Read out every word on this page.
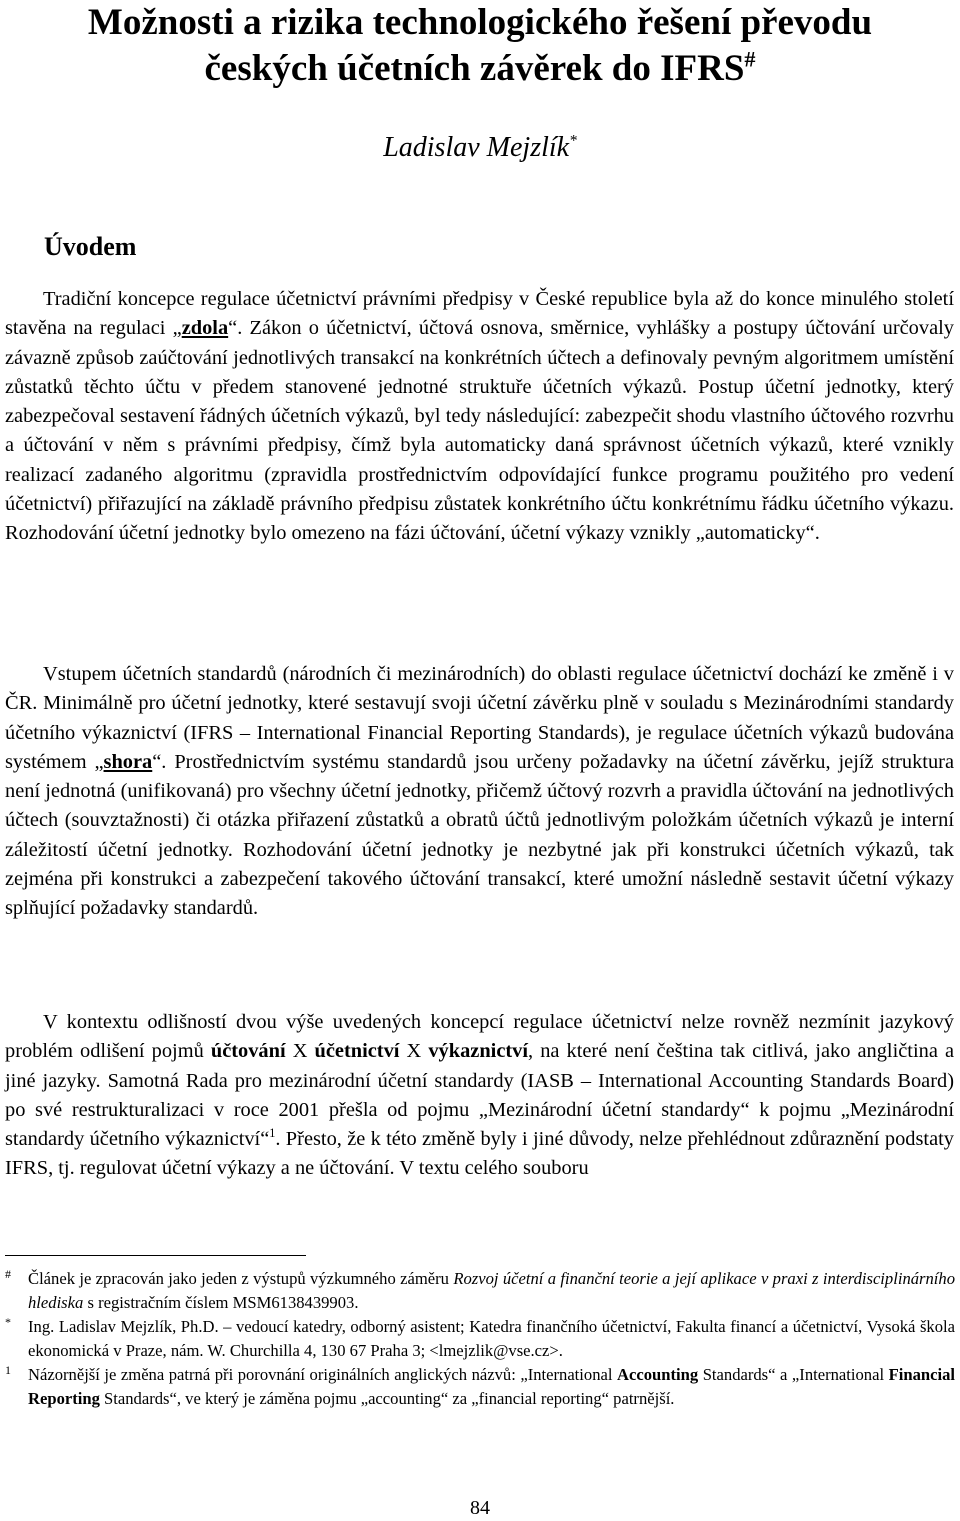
Možnosti a rizika technologického řešení převodu
českých účetních závěrek do IFRS#
Ladislav Mejzlík*
Úvodem

Tradiční koncepce regulace účetnictví právními předpisy v České republice byla až do konce minulého století stavěna na regulaci „zdola“. Zákon o účetnictví, účtová osnova, směrnice, vyhlášky a postupy účtování určovaly závazně způsob zaúčtování jednotlivých transakcí na konkrétních účtech a definovaly pevným algoritmem umístění zůstatků těchto účtu v předem stanovené jednotné struktuře účetních výkazů. Postup účetní jednotky, který zabezpečoval sestavení řádných účetních výkazů, byl tedy následující: zabezpečit shodu vlastního účtového rozvrhu a účtování v něm s právními předpisy, čímž byla automaticky daná správnost účetních výkazů, které vznikly realizací zadaného algoritmu (zpravidla prostřednictvím odpovídající funkce programu použitého pro vedení účetnictví) přiřazující na základě právního předpisu zůstatek konkrétního účtu konkrétnímu řádku účetního výkazu. Rozhodování účetní jednotky bylo omezeno na fázi účtování, účetní výkazy vznikly „automaticky“.

Vstupem účetních standardů (národních či mezinárodních) do oblasti regulace účetnictví dochází ke změně i v ČR. Minimálně pro účetní jednotky, které sestavují svoji účetní závěrku plně v souladu s Mezinárodními standardy účetního výkaznictví (IFRS – International Financial Reporting Standards), je regulace účetních výkazů budována systémem „shora“. Prostřednictvím systému standardů jsou určeny požadavky na účetní závěrku, jejíž struktura není jednotná (unifikovaná) pro všechny účetní jednotky, přičemž účtový rozvrh a pravidla účtování na jednotlivých účtech (souvztažnosti) či otázka přiřazení zůstatků a obratů účtů jednotlivým položkám účetních výkazů je interní záležitostí účetní jednotky. Rozhodování účetní jednotky je nezbytné jak při konstrukci účetních výkazů, tak zejména při konstrukci a zabezpečení takového účtování transakcí, které umožní následně sestavit účetní výkazy splňující požadavky standardů.

V kontextu odlišností dvou výše uvedených koncepcí regulace účetnictví nelze rovněž nezmínit jazykový problém odlišení pojmů účtování X účetnictví X výkaznictví, na které není čeština tak citlivá, jako angličtina a jiné jazyky. Samotná Rada pro mezinárodní účetní standardy (IASB – International Accounting Standards Board) po své restrukturalizaci v roce 2001 přešla od pojmu „Mezinárodní účetní standardy“ k pojmu „Mezinárodní standardy účetního výkaznictví“$^1$. Přesto, že k této změně byly i jiné důvody, nelze přehlédnout zdůraznění podstaty IFRS, tj. regulovat účetní výkazy a ne účtování. V textu celého souboru

# Článek je zpracován jako jeden z výstupů výzkumného záměru Rozvoj účetní a finanční teorie a její aplikace v praxi z interdisciplinárního hlediska s registračním číslem MSM6138439903.

* Ing. Ladislav Mejzlík, Ph.D. – vedoucí katedry, odborný asistent; Katedra finančního účetnictví, Fakulta financí a účetnictví, Vysoká škola ekonomická v Praze, nám. W. Churchilla 4, 130 67 Praha 3; <lmejzlik@vse.cz>.

1 Názornější je změna patrná při porovnání originálních anglických názvů: „International Accounting Standards“ a „International Financial Reporting Standards“, ve který je záměna pojmu „accounting“ za „financial reporting“ patrnější.

84
